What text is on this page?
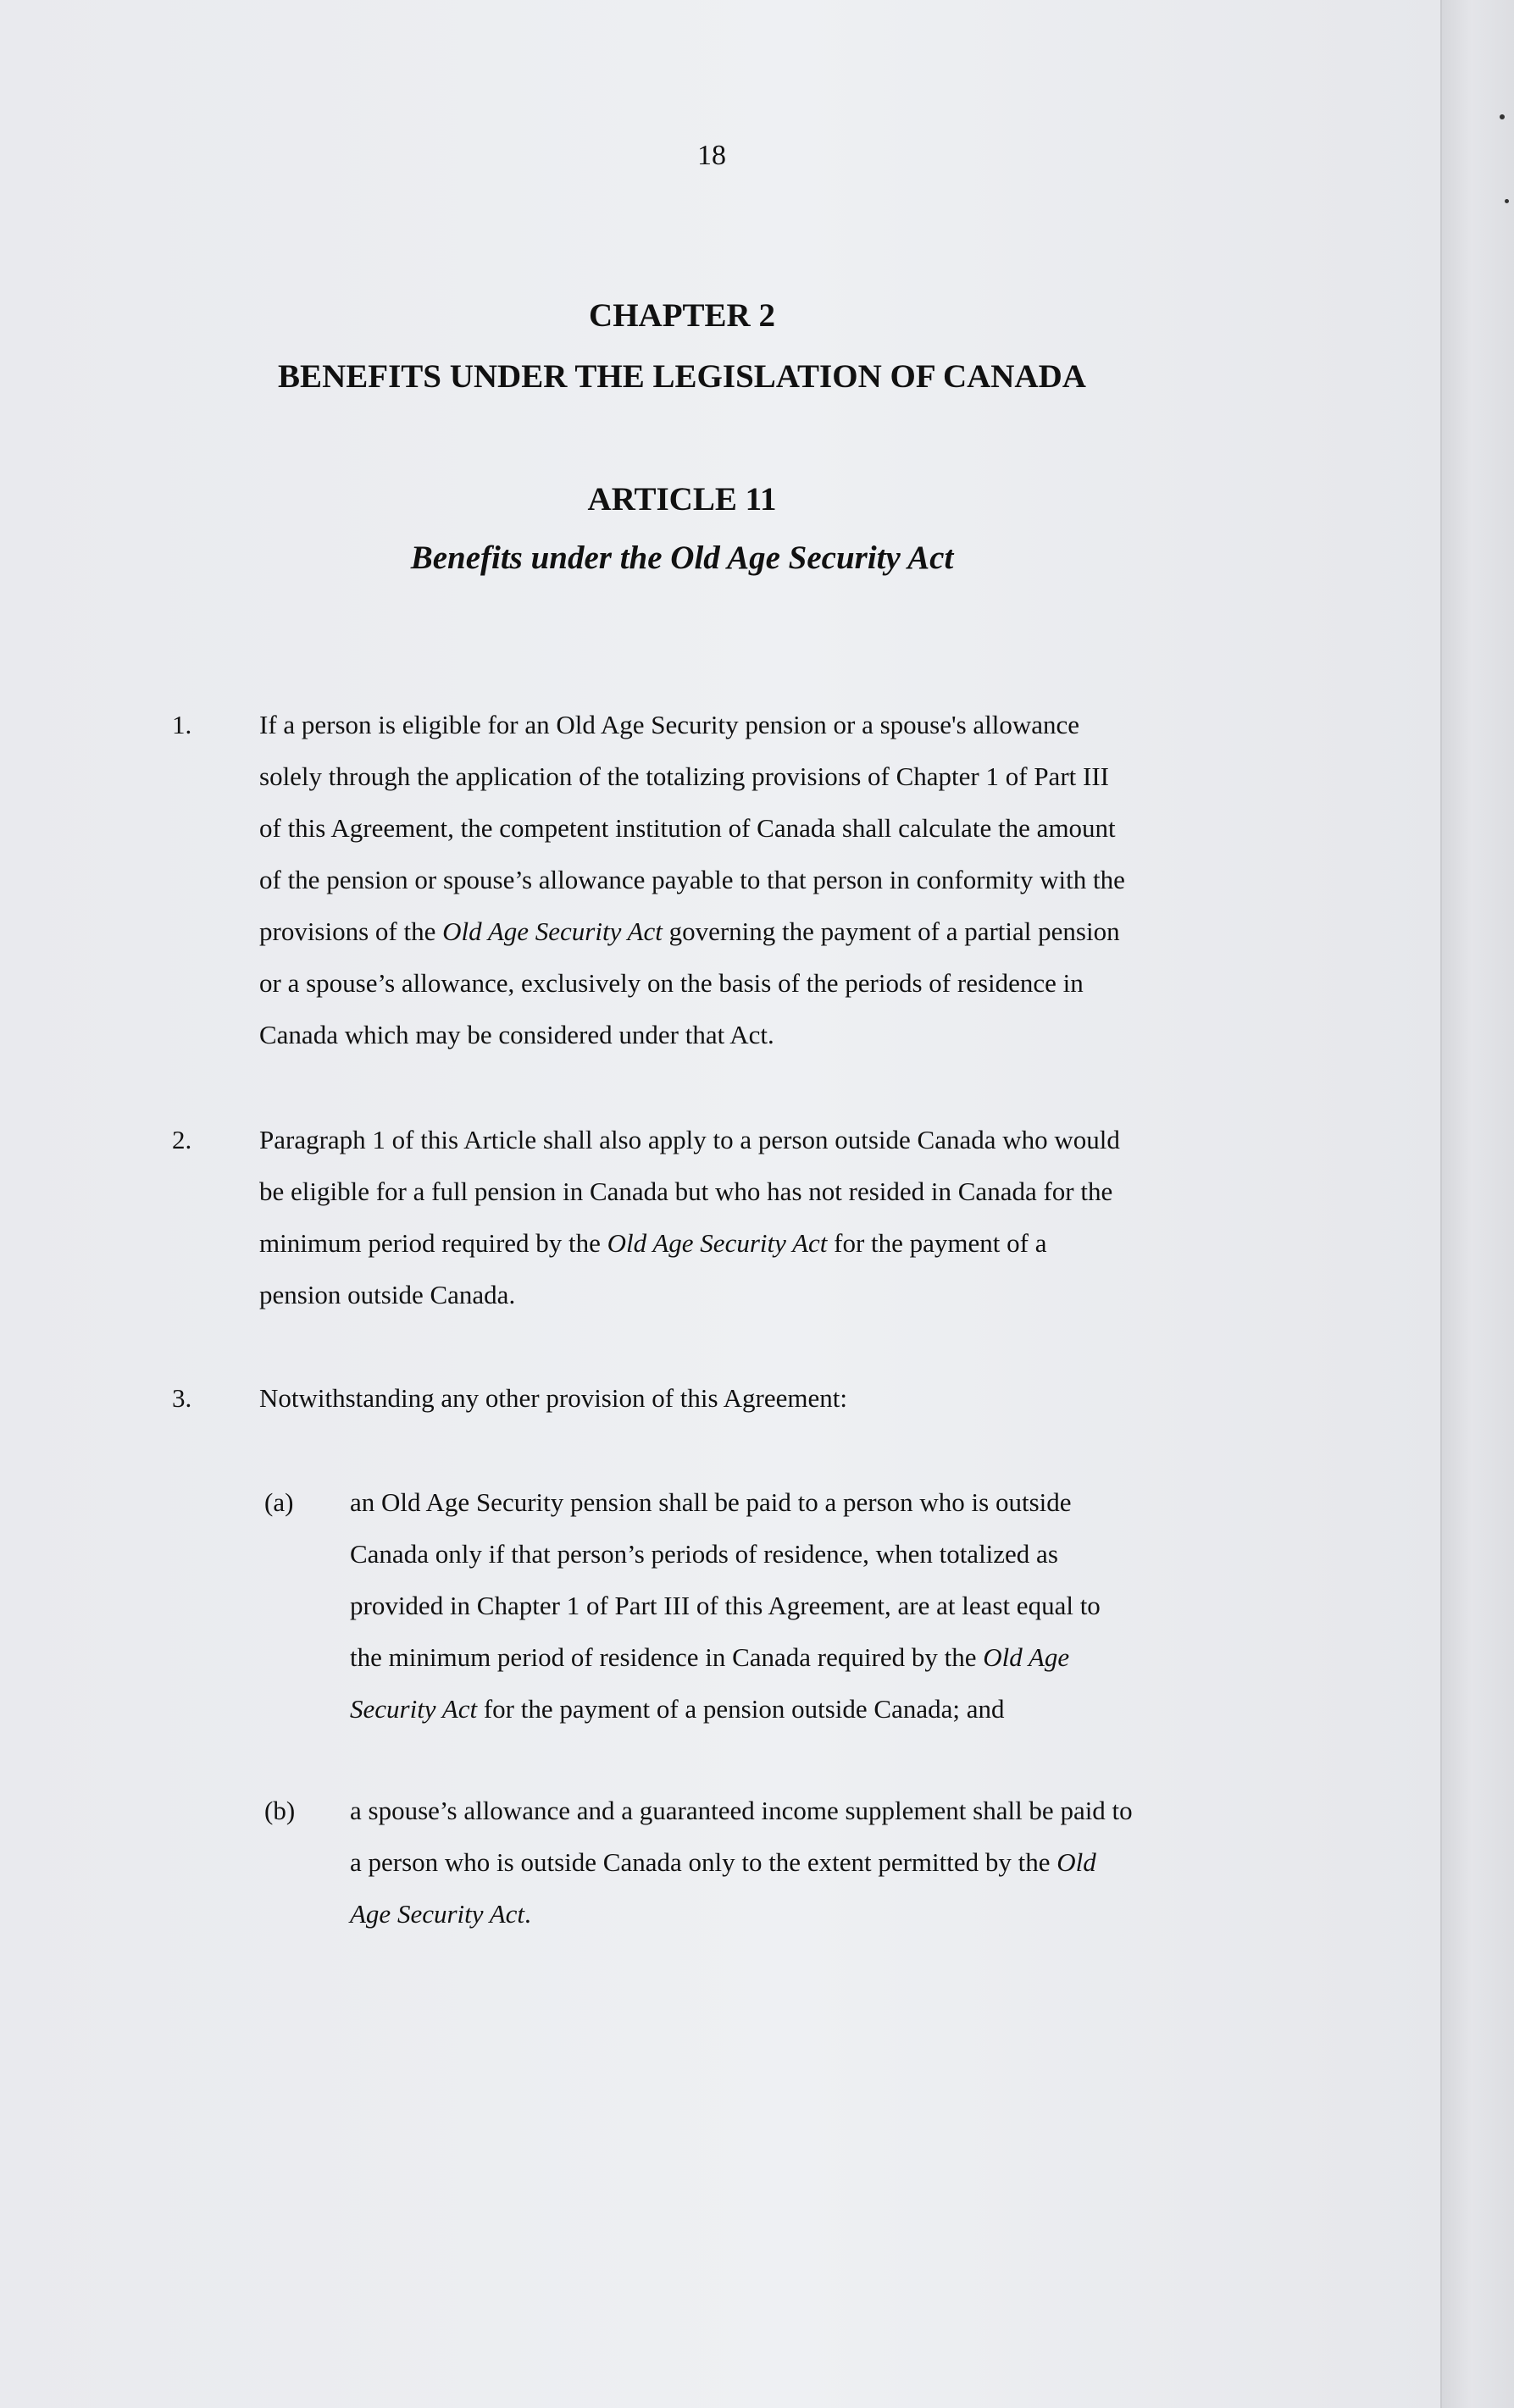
18
CHAPTER 2
BENEFITS UNDER THE LEGISLATION OF CANADA
ARTICLE 11
Benefits under the Old Age Security Act
1.	If a person is eligible for an Old Age Security pension or a spouse's allowance
solely through the application of the totalizing provisions of Chapter 1 of Part III
of this Agreement, the competent institution of Canada shall calculate the amount
of the pension or spouse’s allowance payable to that person in conformity with the
provisions of the Old Age Security Act governing the payment of a partial pension
or a spouse’s allowance, exclusively on the basis of the periods of residence in
Canada which may be considered under that Act.
2.	Paragraph 1 of this Article shall also apply to a person outside Canada who would
be eligible for a full pension in Canada but who has not resided in Canada for the
minimum period required by the Old Age Security Act for the payment of a
pension outside Canada.
3.	Notwithstanding any other provision of this Agreement:
(a) an Old Age Security pension shall be paid to a person who is outside
Canada only if that person’s periods of residence, when totalized as
provided in Chapter 1 of Part III of this Agreement, are at least equal to
the minimum period of residence in Canada required by the Old Age
Security Act for the payment of a pension outside Canada; and
(b) a spouse’s allowance and a guaranteed income supplement shall be paid to
a person who is outside Canada only to the extent permitted by the Old
Age Security Act.
